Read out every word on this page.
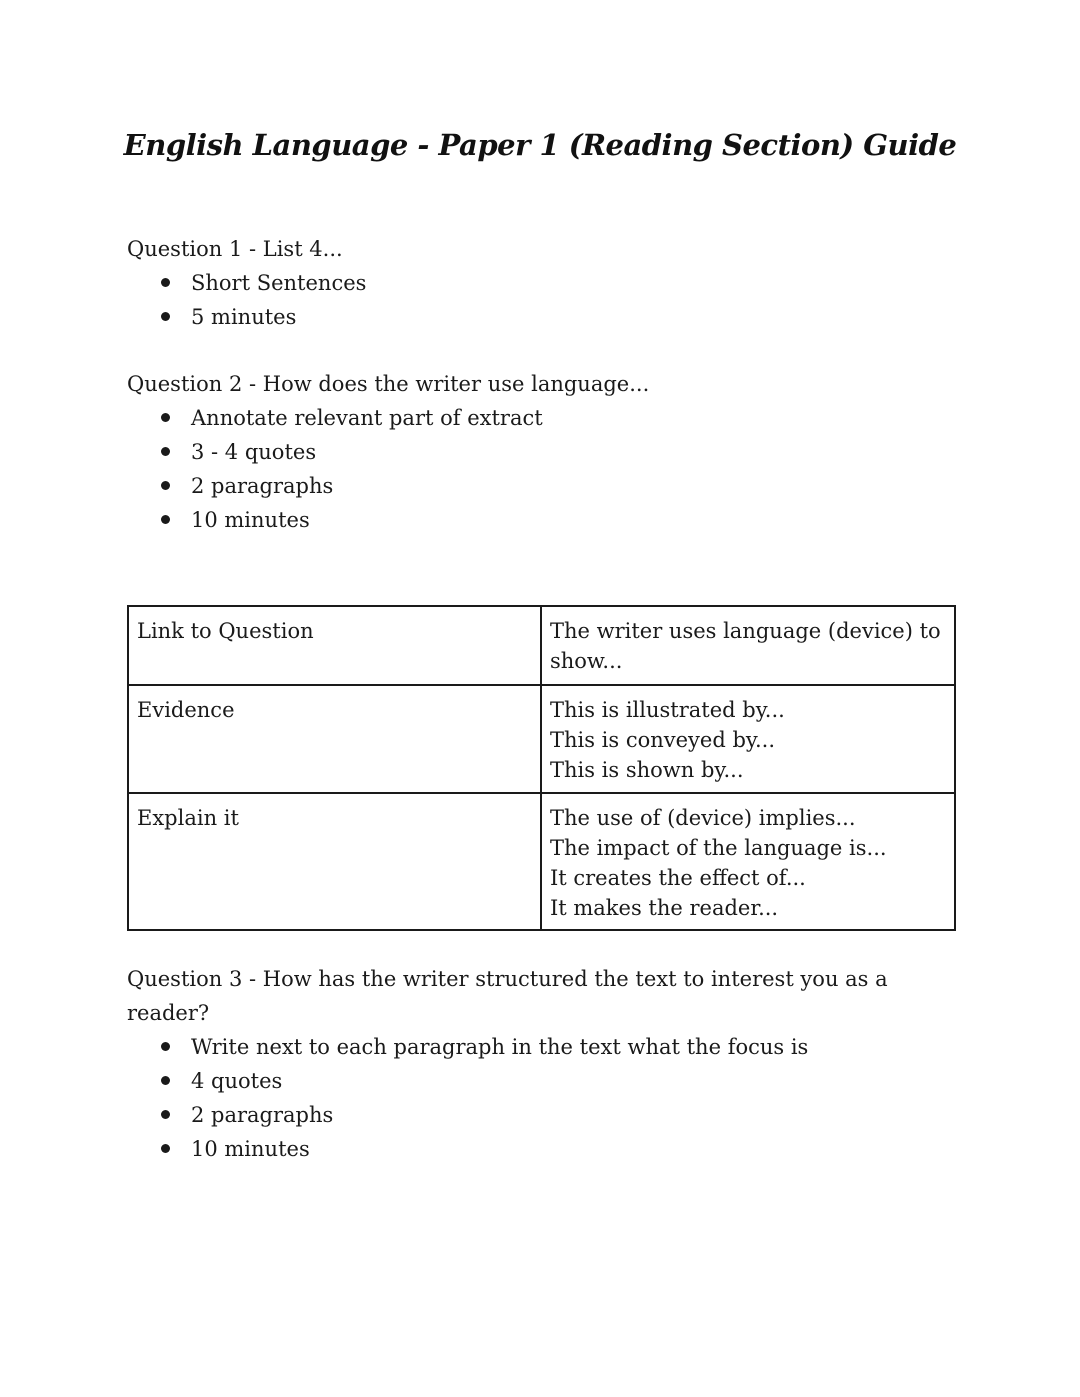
English Language - Paper 1 (Reading Section) Guide

Question 1 - List 4...

Short Sentences
5 minutes

Question 2 - How does the writer use language...

Annotate relevant part of extract
3 - 4 quotes
2 paragraphs
10 minutes
Link to Question	The writer uses language (device) to show...

Evidence	This is illustrated by...
This is conveyed by...
This is shown by...

Explain it	The use of (device) implies...
The impact of the language is...
It creates the effect of...
It makes the reader...

Question 3 - How has the writer structured the text to interest you as a reader?

Write next to each paragraph in the text what the focus is
4 quotes
2 paragraphs
10 minutes
